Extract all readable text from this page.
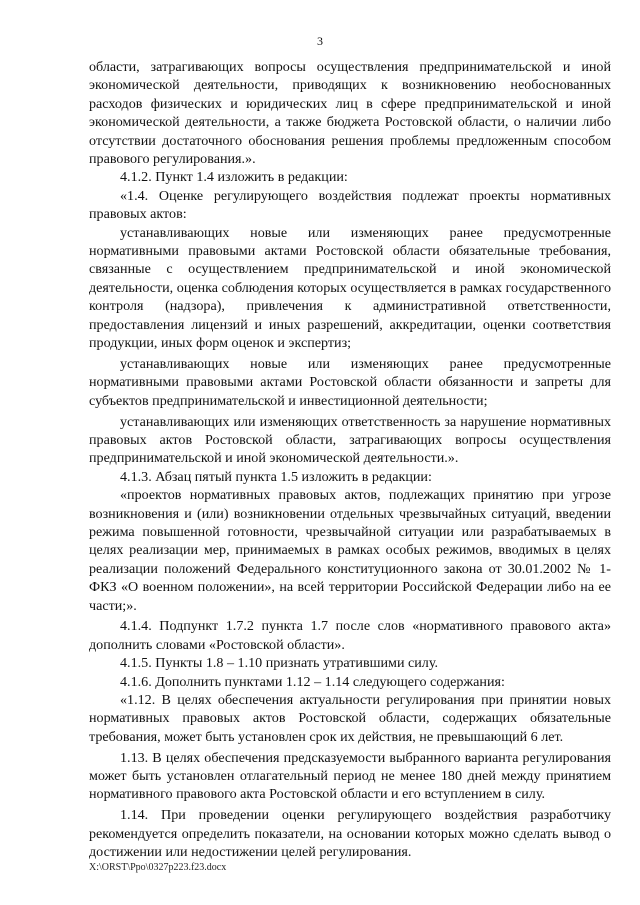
3

области, затрагивающих вопросы осуществления предпринимательской и иной экономической деятельности, приводящих к возникновению необоснованных расходов физических и юридических лиц в сфере предпринимательской и иной экономической деятельности, а также бюджета Ростовской области, о наличии либо отсутствии достаточного обоснования решения проблемы предложенным способом правового регулирования.».

4.1.2. Пункт 1.4 изложить в редакции:

«1.4. Оценке регулирующего воздействия подлежат проекты нормативных правовых актов:

устанавливающих новые или изменяющих ранее предусмотренные нормативными правовыми актами Ростовской области обязательные требования, связанные с осуществлением предпринимательской и иной экономической деятельности, оценка соблюдения которых осуществляется в рамках государственного контроля (надзора), привлечения к административной ответственности, предоставления лицензий и иных разрешений, аккредитации, оценки соответствия продукции, иных форм оценок и экспертиз;

устанавливающих новые или изменяющих ранее предусмотренные нормативными правовыми актами Ростовской области обязанности и запреты для субъектов предпринимательской и инвестиционной деятельности;

устанавливающих или изменяющих ответственность за нарушение нормативных правовых актов Ростовской области, затрагивающих вопросы осуществления предпринимательской и иной экономической деятельности.».

4.1.3. Абзац пятый пункта 1.5 изложить в редакции:

«проектов нормативных правовых актов, подлежащих принятию при угрозе возникновения и (или) возникновении отдельных чрезвычайных ситуаций, введении режима повышенной готовности, чрезвычайной ситуации или разрабатываемых в целях реализации мер, принимаемых в рамках особых режимов, вводимых в целях реализации положений Федерального конституционного закона от 30.01.2002 № 1-ФКЗ «О военном положении», на всей территории Российской Федерации либо на ее части;».

4.1.4. Подпункт 1.7.2 пункта 1.7 после слов «нормативного правового акта» дополнить словами «Ростовской области».

4.1.5. Пункты 1.8 – 1.10 признать утратившими силу.

4.1.6. Дополнить пунктами 1.12 – 1.14 следующего содержания:

«1.12. В целях обеспечения актуальности регулирования при принятии новых нормативных правовых актов Ростовской области, содержащих обязательные требования, может быть установлен срок их действия, не превышающий 6 лет.

1.13. В целях обеспечения предсказуемости выбранного варианта регулирования может быть установлен отлагательный период не менее 180 дней между принятием нормативного правового акта Ростовской области и его вступлением в силу.

1.14. При проведении оценки регулирующего воздействия разработчику рекомендуется определить показатели, на основании которых можно сделать вывод о достижении или недостижении целей регулирования.

X:\ORST\Ppo\0327p223.f23.docx
